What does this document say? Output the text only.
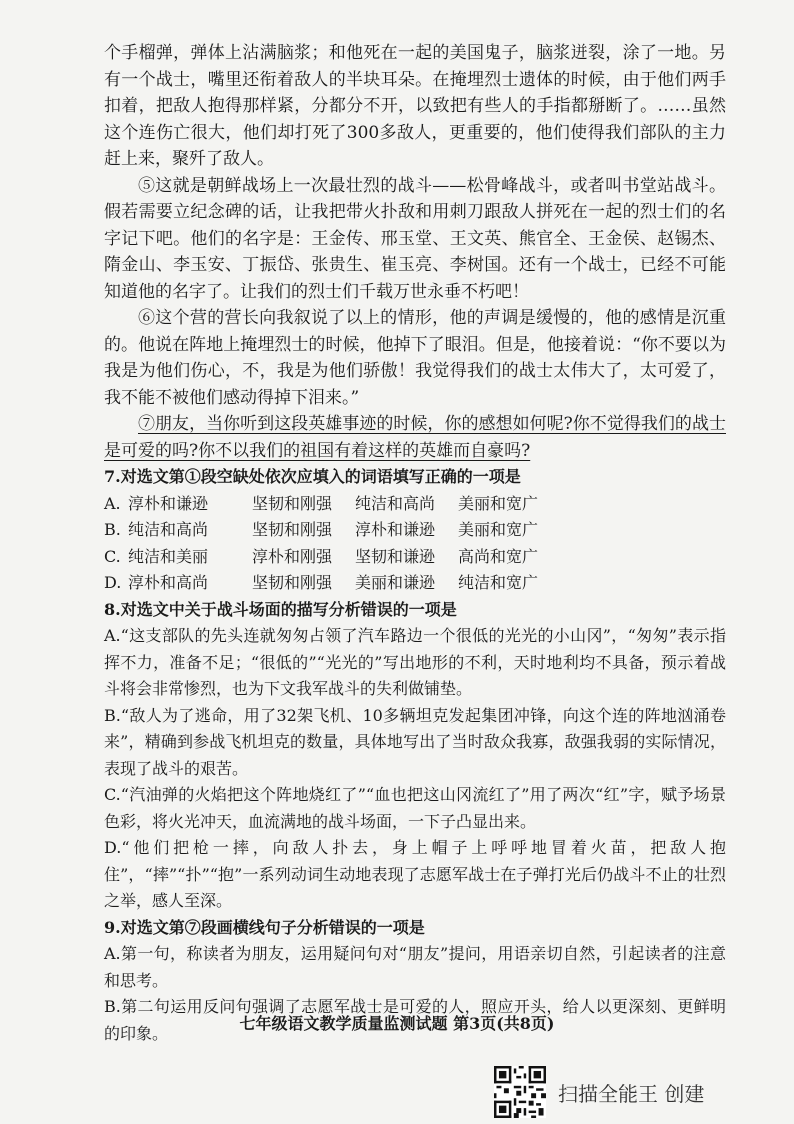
个手榴弹，弹体上沾满脑浆；和他死在一起的美国鬼子，脑浆迸裂，涂了一地。另有一个战士，嘴里还衔着敌人的半块耳朵。在掩埋烈士遗体的时候，由于他们两手扣着，把敌人抱得那样紧，分都分不开，以致把有些人的手指都掰断了。……虽然这个连伤亡很大，他们却打死了300多敌人，更重要的，他们使得我们部队的主力赶上来，聚歼了敌人。

⑤这就是朝鲜战场上一次最壮烈的战斗——松骨峰战斗，或者叫书堂站战斗。假若需要立纪念碑的话，让我把带火扑敌和用刺刀跟敌人拼死在一起的烈士们的名字记下吧。他们的名字是：王金传、邢玉堂、王文英、熊官全、王金侯、赵锡杰、隋金山、李玉安、丁振岱、张贵生、崔玉亮、李树国。还有一个战士，已经不可能知道他的名字了。让我们的烈士们千载万世永垂不朽吧！

⑥这个营的营长向我叙说了以上的情形，他的声调是缓慢的，他的感情是沉重的。他说在阵地上掩埋烈士的时候，他掉下了眼泪。但是，他接着说：“你不要以为我是为他们伤心，不，我是为他们骄傲！我觉得我们的战士太伟大了，太可爱了，我不能不被他们感动得掉下泪来。”

⑦朋友，当你听到这段英雄事迹的时候，你的感想如何呢?你不觉得我们的战士是可爱的吗?你不以我们的祖国有着这样的英雄而自豪吗?

7.对选文第①段空缺处依次应填入的词语填写正确的一项是

A. 淳朴和谦逊	坚韧和刚强	纯洁和高尚	美丽和宽广
B. 纯洁和高尚	坚韧和刚强	淳朴和谦逊	美丽和宽广
C. 纯洁和美丽	淳朴和刚强	坚韧和谦逊	高尚和宽广
D. 淳朴和高尚	坚韧和刚强	美丽和谦逊	纯洁和宽广

8.对选文中关于战斗场面的描写分析错误的一项是

A.“这支部队的先头连就匆匆占领了汽车路边一个很低的光光的小山冈”，“匆匆”表示指挥不力，准备不足；“很低的”“光光的”写出地形的不利，天时地利均不具备，预示着战斗将会非常惨烈，也为下文我军战斗的失利做铺垫。

B.“敌人为了逃命，用了32架飞机、10多辆坦克发起集团冲锋，向这个连的阵地汹涌卷来”，精确到参战飞机坦克的数量，具体地写出了当时敌众我寡，敌强我弱的实际情况，表现了战斗的艰苦。

C.“汽油弹的火焰把这个阵地烧红了”“血也把这山冈流红了”用了两次“红”字，赋予场景色彩，将火光冲天，血流满地的战斗场面，一下子凸显出来。

D.“他们把枪一摔，向敌人扑去，身上帽子上呼呼地冒着火苗，把敌人抱住”，“摔”“扑”“抱”一系列动词生动地表现了志愿军战士在子弹打光后仍战斗不止的壮烈之举，感人至深。

9.对选文第⑦段画横线句子分析错误的一项是

A.第一句，称读者为朋友，运用疑问句对“朋友”提问，用语亲切自然，引起读者的注意和思考。

B.第二句运用反问句强调了志愿军战士是可爱的人，照应开头，给人以更深刻、更鲜明的印象。	七年级语文教学质量监测试题 第3页(共8页)
扫描全能王 创建
